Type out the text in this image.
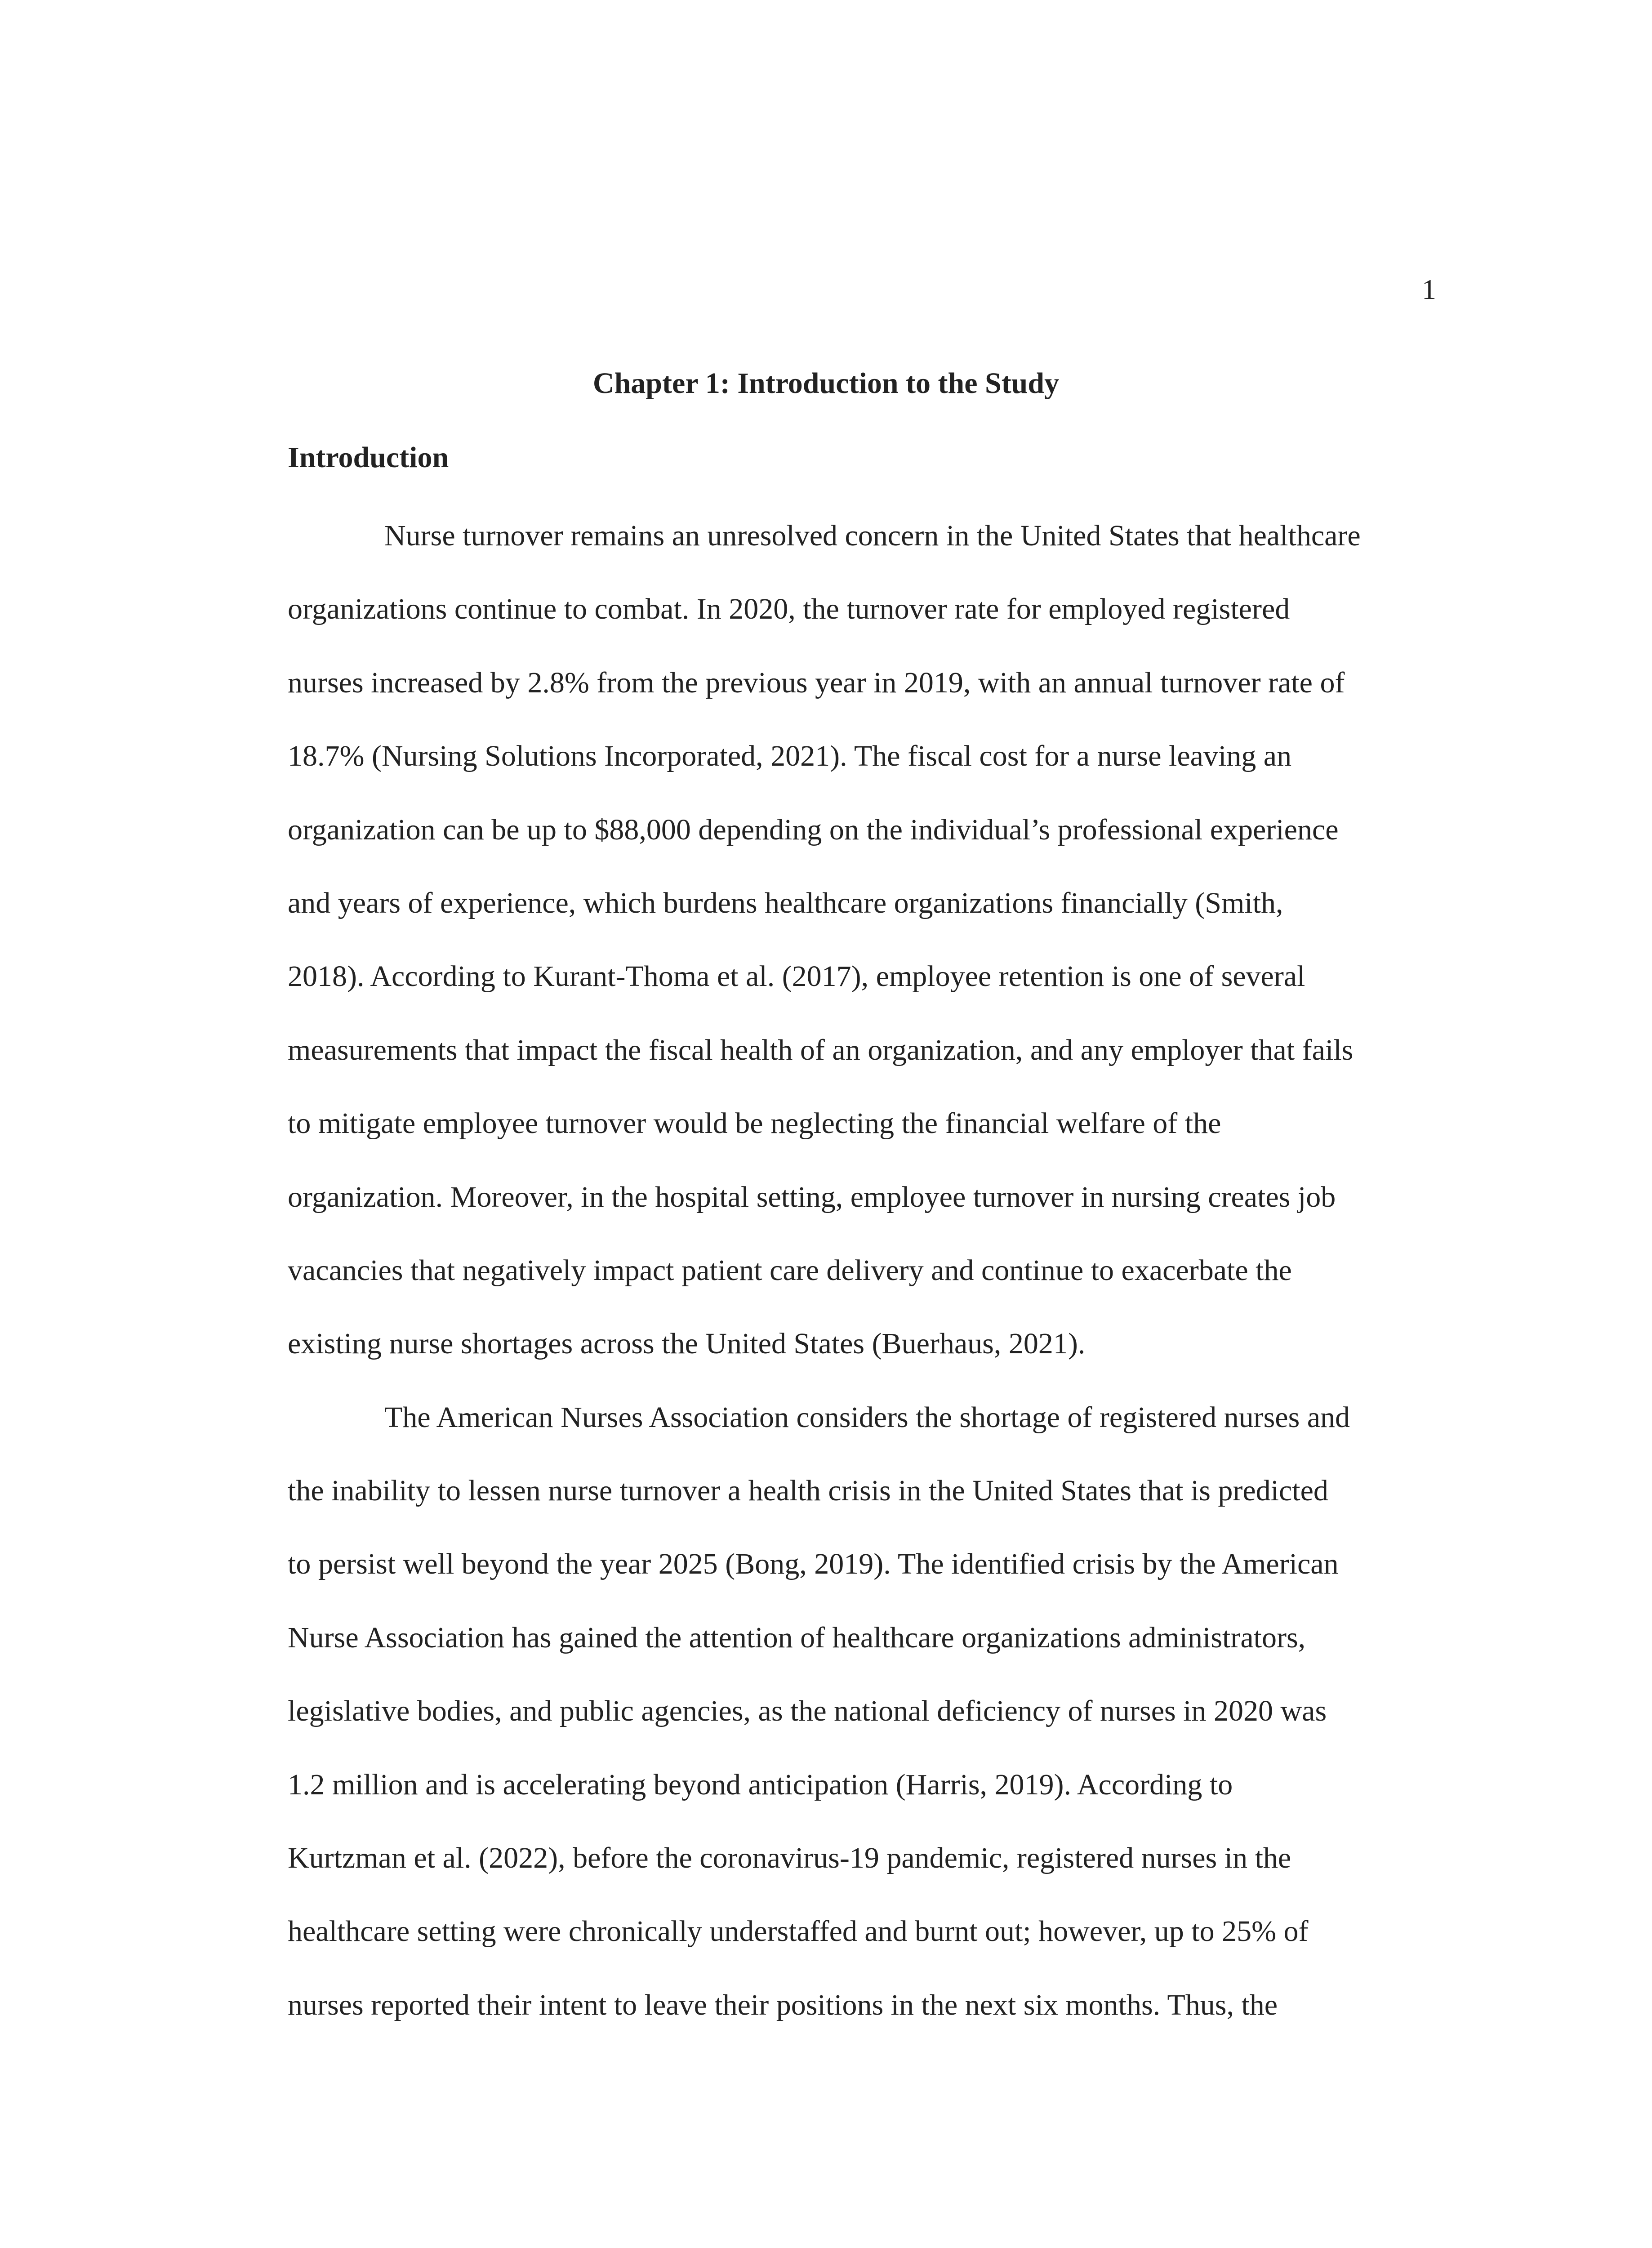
1
Chapter 1: Introduction to the Study
Introduction
Nurse turnover remains an unresolved concern in the United States that healthcare
organizations continue to combat. In 2020, the turnover rate for employed registered
nurses increased by 2.8% from the previous year in 2019, with an annual turnover rate of
18.7% (Nursing Solutions Incorporated, 2021). The fiscal cost for a nurse leaving an
organization can be up to $88,000 depending on the individual’s professional experience
and years of experience, which burdens healthcare organizations financially (Smith,
2018). According to Kurant-Thoma et al. (2017), employee retention is one of several
measurements that impact the fiscal health of an organization, and any employer that fails
to mitigate employee turnover would be neglecting the financial welfare of the
organization. Moreover, in the hospital setting, employee turnover in nursing creates job
vacancies that negatively impact patient care delivery and continue to exacerbate the
existing nurse shortages across the United States (Buerhaus, 2021).
The American Nurses Association considers the shortage of registered nurses and
the inability to lessen nurse turnover a health crisis in the United States that is predicted
to persist well beyond the year 2025 (Bong, 2019). The identified crisis by the American
Nurse Association has gained the attention of healthcare organizations administrators,
legislative bodies, and public agencies, as the national deficiency of nurses in 2020 was
1.2 million and is accelerating beyond anticipation (Harris, 2019). According to
Kurtzman et al. (2022), before the coronavirus-19 pandemic, registered nurses in the
healthcare setting were chronically understaffed and burnt out; however, up to 25% of
nurses reported their intent to leave their positions in the next six months. Thus, the
